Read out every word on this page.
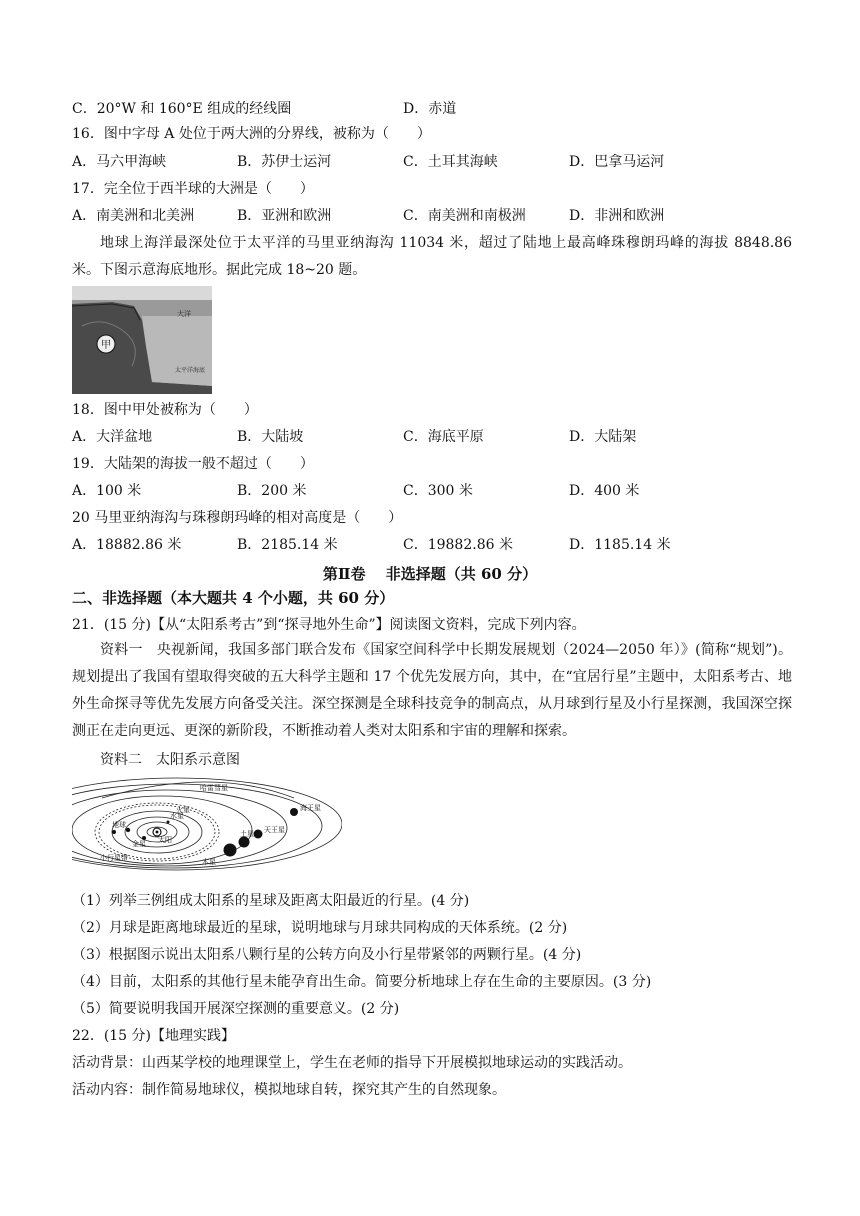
C．20°W 和 160°E 组成的经线圈	D．赤道
16．图中字母 A 处位于两大洲的分界线，被称为（　　）
A．马六甲海峡	B．苏伊士运河	C．土耳其海峡	D．巴拿马运河
17．完全位于西半球的大洲是（　　）
A．南美洲和北美洲	B．亚洲和欧洲	C．南美洲和南极洲	D．非洲和欧洲
地球上海洋最深处位于太平洋的马里亚纳海沟 11034 米，超过了陆地上最高峰珠穆朗玛峰的海拔 8848.86 米。下图示意海底地形。据此完成 18~20 题。
甲
大洋
太平洋海底
18．图中甲处被称为（　　）
A．大洋盆地	B．大陆坡	C．海底平原	D．大陆架
19．大陆架的海拔一般不超过（　　）
A．100 米	B．200 米	C．300 米	D．400 米
20 马里亚纳海沟与珠穆朗玛峰的相对高度是（　　）
A．18882.86 米	B．2185.14 米	C．19882.86 米	D．1185.14 米
第Ⅱ卷　 非选择题（共 60 分）
二、非选择题（本大题共 4 个小题，共 60 分）
21．(15 分)【从“太阳系考古”到“探寻地外生命”】阅读图文资料，完成下列内容。
资料一　央视新闻，我国多部门联合发布《国家空间科学中长期发展规划（2024—2050 年）》(简称“规划”)。规划提出了我国有望取得突破的五大科学主题和 17 个优先发展方向，其中，在“宜居行星”主题中，太阳系考古、地外生命探寻等优先发展方向备受关注。深空探测是全球科技竞争的制高点，从月球到行星及小行星探测，我国深空探测正在走向更远、更深的新阶段，不断推动着人类对太阳系和宇宙的理解和探索。
资料二　太阳系示意图
太阳
水星
金星
地球
火星
木星
土星 天王星
海王星
小行星带
哈雷彗星
（1）列举三例组成太阳系的星球及距离太阳最近的行星。(4 分)
（2）月球是距离地球最近的星球，说明地球与月球共同构成的天体系统。(2 分)
（3）根据图示说出太阳系八颗行星的公转方向及小行星带紧邻的两颗行星。(4 分)
（4）目前，太阳系的其他行星未能孕育出生命。简要分析地球上存在生命的主要原因。(3 分)
（5）简要说明我国开展深空探测的重要意义。(2 分)
22．(15 分)【地理实践】
活动背景：山西某学校的地理课堂上，学生在老师的指导下开展模拟地球运动的实践活动。
活动内容：制作简易地球仪，模拟地球自转，探究其产生的自然现象。
